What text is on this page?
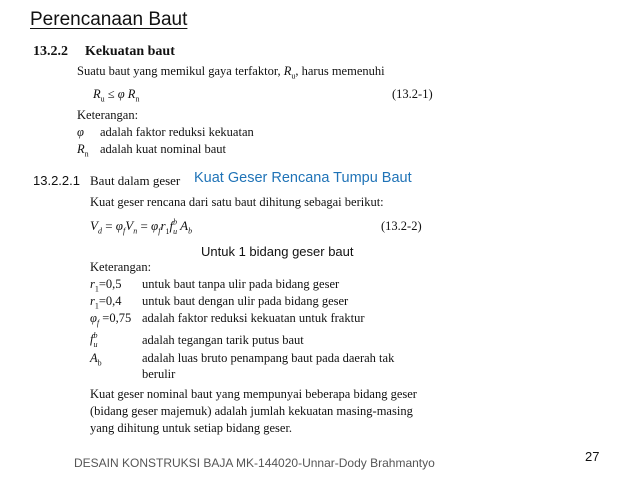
Perencanaan Baut
13.2.2 Kekuatan baut
Suatu baut yang memikul gaya terfaktor, $R_u$, harus memenuhi
$R_u \le \varphi$ $R_n$	(13.2-1)
Keterangan:
φ adalah faktor reduksi kekuatan
$R_n$ adalah kuat nominal baut
13.2.2.1 Baut dalam geser Kuat Geser Rencana Tumpu Baut
Kuat geser rencana dari satu baut dihitung sebagai berikut:
$V_d = \varphi_fV_n = \varphi_fr_1f^b_u$ $A_b$	(13.2-2)
Untuk 1 bidang geser baut
Keterangan:
$r_1=0,5$ untuk baut tanpa ulir pada bidang geser
$r_1=0,4$ untuk baut dengan ulir pada bidang geser
$\varphi_f =0,75$ adalah faktor reduksi kekuatan untuk fraktur
$f^b_u$	adalah tegangan tarik putus baut
$A_b$	adalah luas bruto penampang baut pada daerah tak
berulir
Kuat geser nominal baut yang mempunyai beberapa bidang geser
(bidang geser majemuk) adalah jumlah kekuatan masing-masing
yang dihitung untuk setiap bidang geser.
DESAIN KONSTRUKSI BAJA MK-144020-Unnar-Dody Brahmantyo	27
